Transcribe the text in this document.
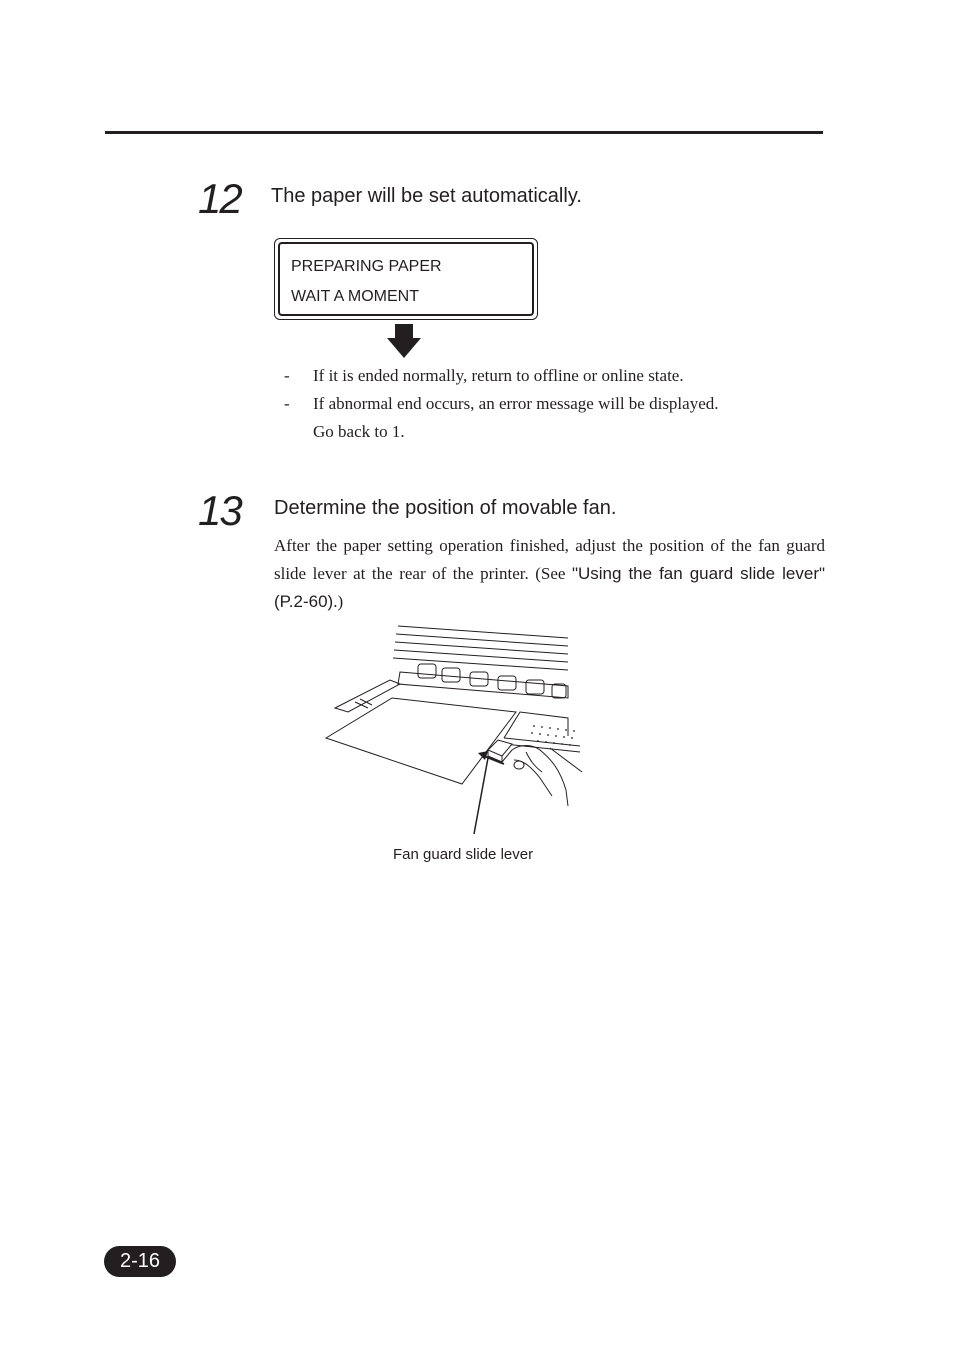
12 The paper will be set automatically.
PREPARING PAPER
WAIT A MOMENT
- If it is ended normally, return to offline or online state.
- If abnormal end occurs, an error message will be displayed.
Go back to 1.
13 Determine the position of movable fan.
After the paper setting operation finished, adjust the position of the fan guard slide lever at the rear of the printer. (See "Using the fan guard slide lever" (P.2-60).)
Fan guard slide lever
2-16
